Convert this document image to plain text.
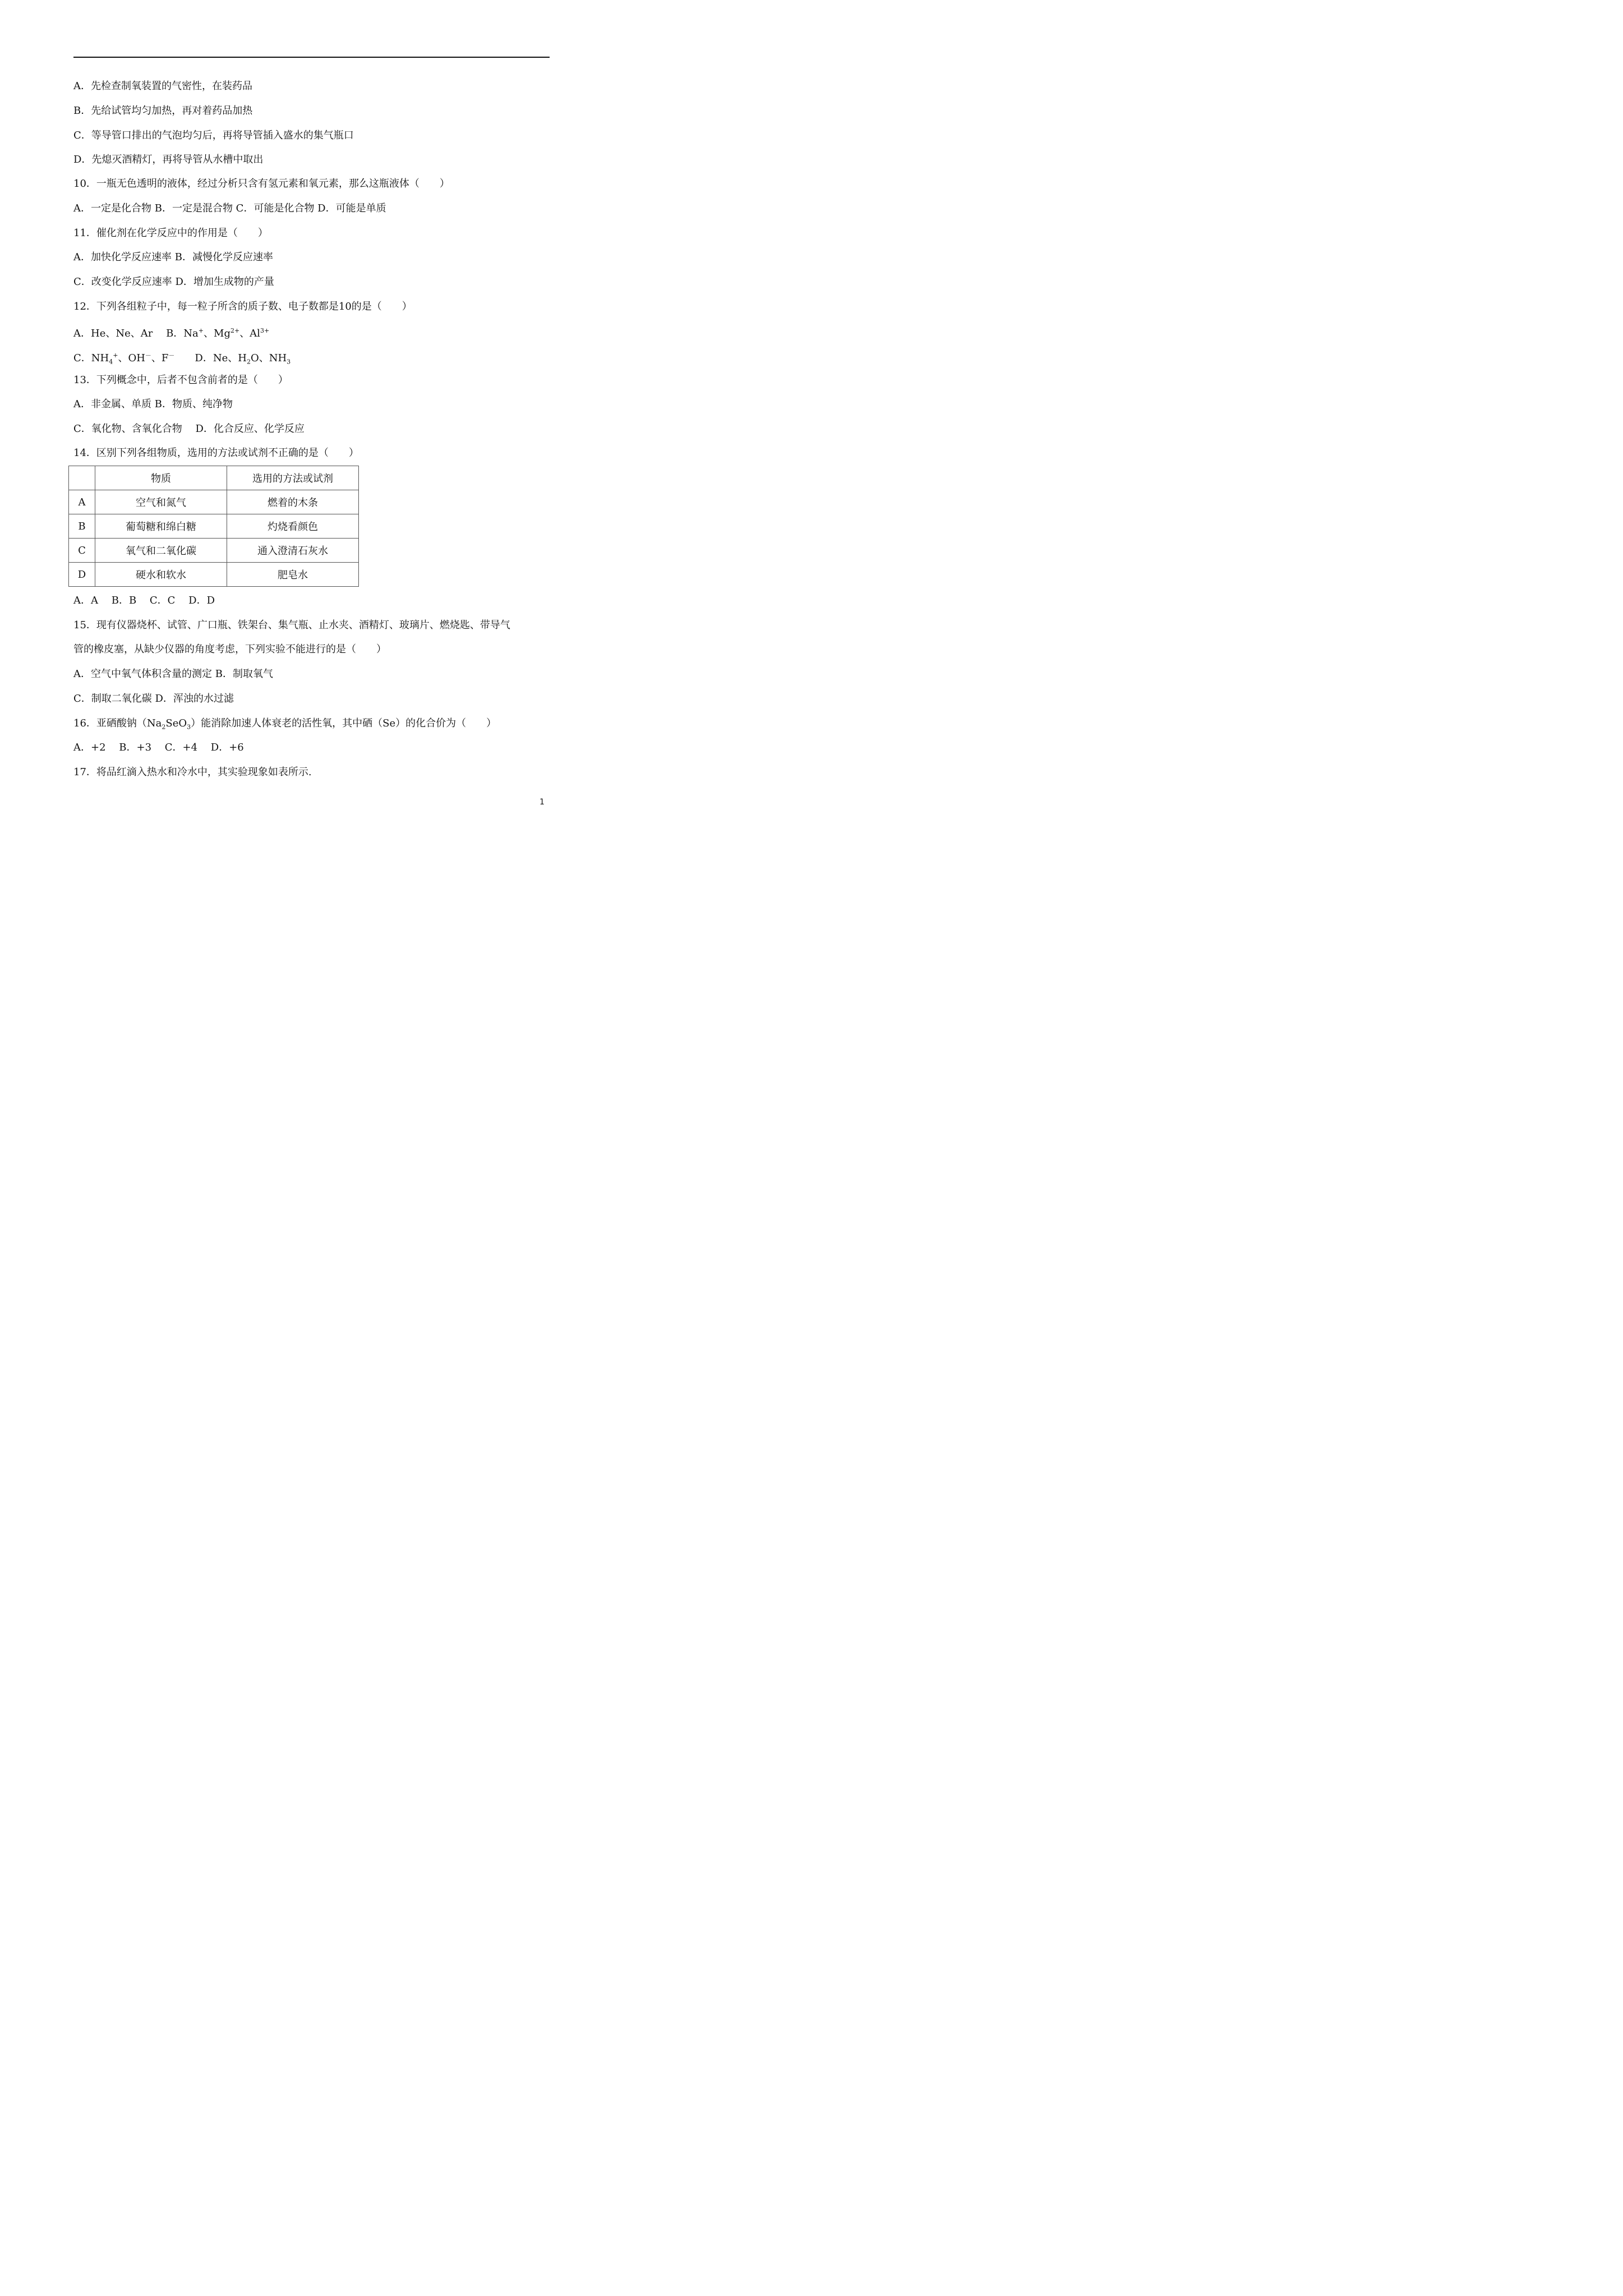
A．先检查制氧装置的气密性，在装药品
B．先给试管均匀加热，再对着药品加热
C．等导管口排出的气泡均匀后，再将导管插入盛水的集气瓶口
D．先熄灭酒精灯，再将导管从水槽中取出
10．一瓶无色透明的液体，经过分析只含有氢元素和氧元素，那么这瓶液体（　　）
A．一定是化合物 B．一定是混合物 C．可能是化合物 D．可能是单质
11．催化剂在化学反应中的作用是（　　）
A．加快化学反应速率 B．减慢化学反应速率
C．改变化学反应速率 D．增加生成物的产量
12．下列各组粒子中，每一粒子所含的质子数、电子数都是10的是（　　）
A．He、Ne、Ar　 B．Na+、$Mg^{2+}$、$Al^{3+}$
C．$NH_4^+$、OH－、F－　　D．Ne、$H_2O$、$NH_3$
13．下列概念中，后者不包含前者的是（　　）
A．非金属、单质 B．物质、纯净物
C．氧化物、含氧化合物　 D．化合反应、化学反应
14．区别下列各组物质，选用的方法或试剂不正确的是（　　）
	物质	选用的方法或试剂
A	空气和氮气	燃着的木条
B	葡萄糖和绵白糖	灼烧看颜色
C	氧气和二氧化碳	通入澄清石灰水
D	硬水和软水	肥皂水
A．A　 B．B　 C．C　 D．D
15．现有仪器烧杯、试管、广口瓶、铁架台、集气瓶、止水夹、酒精灯、玻璃片、燃烧匙、带导气
管的橡皮塞，从缺少仪器的角度考虑，下列实验不能进行的是（　　）
A．空气中氧气体积含量的测定 B．制取氧气
C．制取二氧化碳 D．浑浊的水过滤
16．亚硒酸钠$(Na_2SeO_3)$能消除加速人体衰老的活性氧，其中硒（Se）的化合价为（　　）
A．+2　 B．+3　 C．+4　 D．+6
17．将品红滴入热水和冷水中，其实验现象如表所示.
1
